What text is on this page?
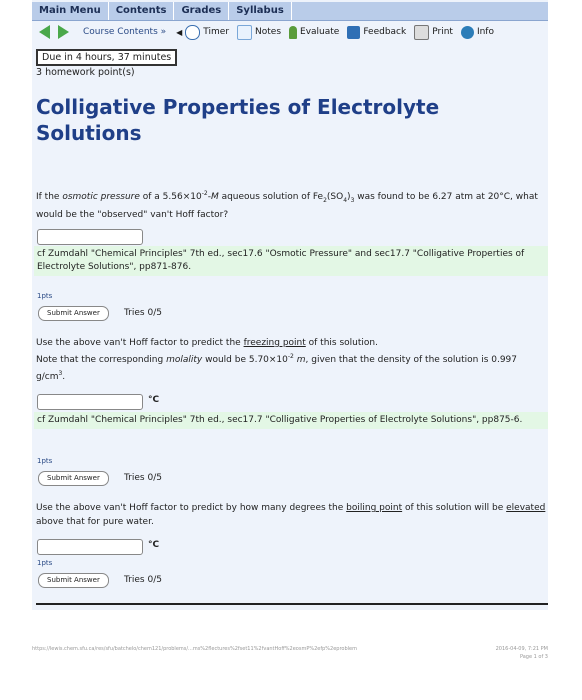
Main Menu	Contents	Grades	Syllabus
Course Contents » ◀ Timer	Notes Evaluate	Feedback	Print	Info
Due in 4 hours, 37 minutes
3 homework point(s)
Colligative Properties of Electrolyte Solutions
If the osmotic pressure of a $5.56\times 10^{-2}-M$ aqueous solution of $Fe_2(SO_4)_3$ was found to be 6.27 atm at 20°C, what would be the "observed" van't Hoff factor?
cf Zumdahl "Chemical Principles" 7th ed., sec17.6 "Osmotic Pressure" and sec17.7 "Colligative Properties of Electrolyte Solutions", pp871-876.
1pts
Submit Answer	Tries 0/5
Use the above van't Hoff factor to predict the freezing point of this solution.
Note that the corresponding molality would be $5.70\times 10^{-2}$ m, given that the density of the solution is 0.997 $g/cm^3$.
°C
cf Zumdahl "Chemical Principles" 7th ed., sec17.7 "Colligative Properties of Electrolyte Solutions", pp875-6.
1pts
Submit Answer	Tries 0/5
Use the above van't Hoff factor to predict by how many degrees the boiling point of this solution will be elevated above that for pure water.
°C
1pts
Submit Answer	Tries 0/5
https://lewis.chem.sfu.ca/res/sfu/batchelo/chem121/problems/...ms%2flectures%2fset11%2fvantHoff%2eosmP%2efp%2eproblem	2016-04-09, 7:21 PM
Page 1 of 3
